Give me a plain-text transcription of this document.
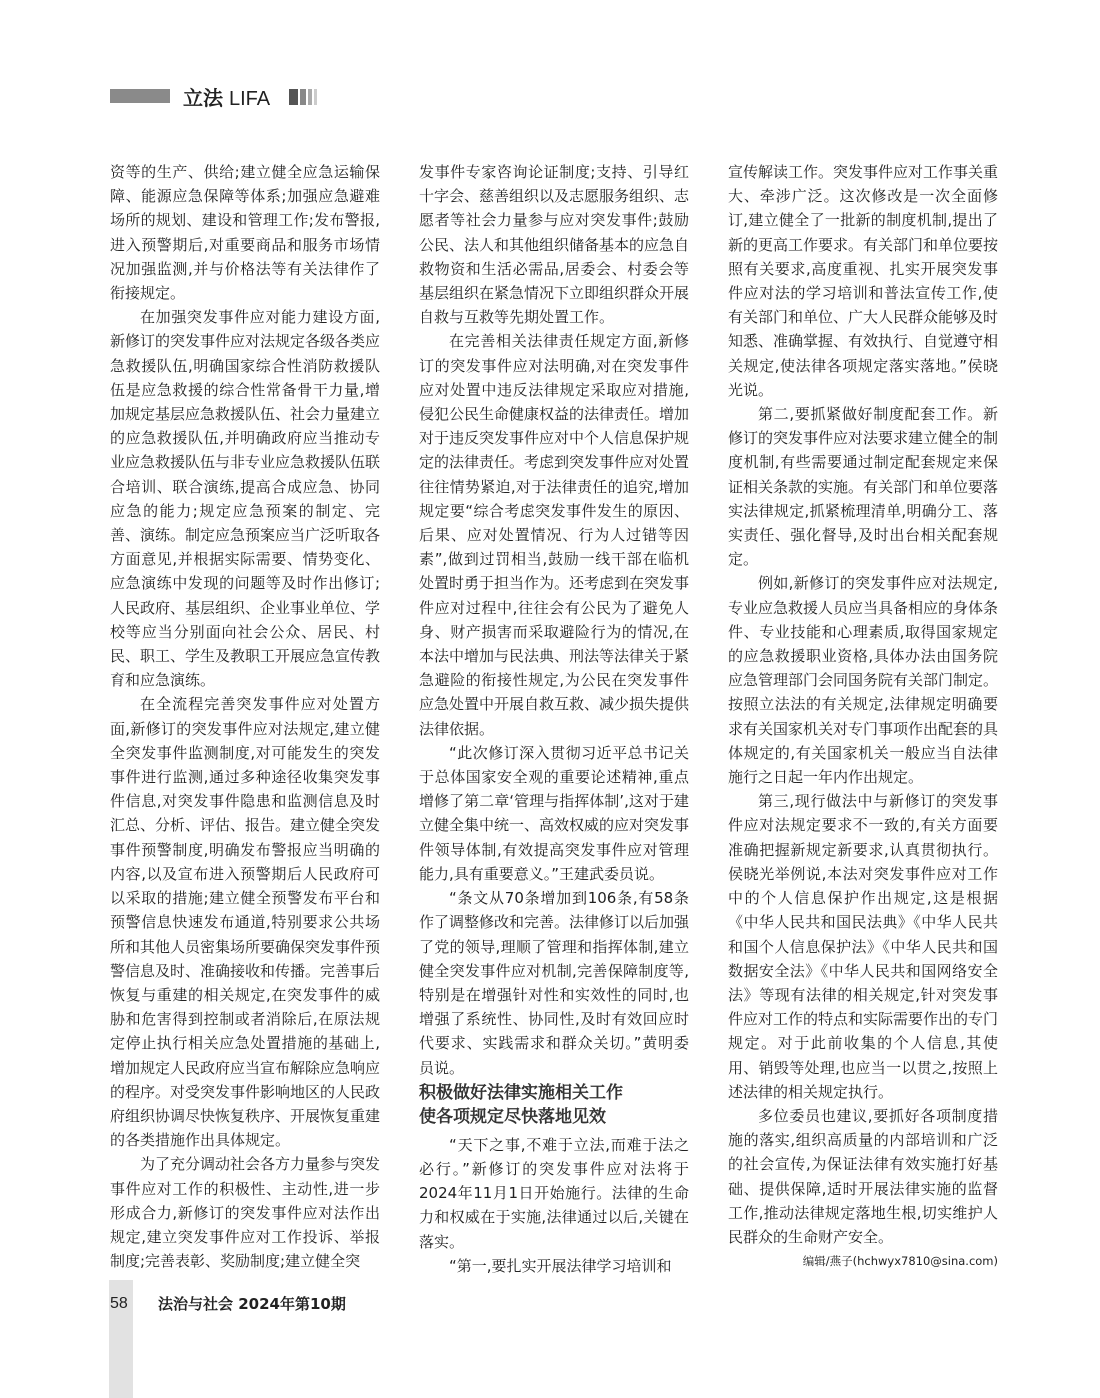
立法 LIFA

资等的生产、供给;建立健全应急运输保障、能源应急保障等体系;加强应急避难场所的规划、建设和管理工作;发布警报,进入预警期后,对重要商品和服务市场情况加强监测,并与价格法等有关法律作了衔接规定。

在加强突发事件应对能力建设方面,新修订的突发事件应对法规定各级各类应急救援队伍,明确国家综合性消防救援队伍是应急救援的综合性常备骨干力量,增加规定基层应急救援队伍、社会力量建立的应急救援队伍,并明确政府应当推动专业应急救援队伍与非专业应急救援队伍联合培训、联合演练,提高合成应急、协同应急的能力;规定应急预案的制定、完善、演练。制定应急预案应当广泛听取各方面意见,并根据实际需要、情势变化、应急演练中发现的问题等及时作出修订;人民政府、基层组织、企业事业单位、学校等应当分别面向社会公众、居民、村民、职工、学生及教职工开展应急宣传教育和应急演练。

在全流程完善突发事件应对处置方面,新修订的突发事件应对法规定,建立健全突发事件监测制度,对可能发生的突发事件进行监测,通过多种途径收集突发事件信息,对突发事件隐患和监测信息及时汇总、分析、评估、报告。建立健全突发事件预警制度,明确发布警报应当明确的内容,以及宣布进入预警期后人民政府可以采取的措施;建立健全预警发布平台和预警信息快速发布通道,特别要求公共场所和其他人员密集场所要确保突发事件预警信息及时、准确接收和传播。完善事后恢复与重建的相关规定,在突发事件的威胁和危害得到控制或者消除后,在原法规定停止执行相关应急处置措施的基础上,增加规定人民政府应当宣布解除应急响应的程序。对受突发事件影响地区的人民政府组织协调尽快恢复秩序、开展恢复重建的各类措施作出具体规定。

为了充分调动社会各方力量参与突发事件应对工作的积极性、主动性,进一步形成合力,新修订的突发事件应对法作出规定,建立突发事件应对工作投诉、举报制度;完善表彰、奖励制度;建立健全突

发事件专家咨询论证制度;支持、引导红十字会、慈善组织以及志愿服务组织、志愿者等社会力量参与应对突发事件;鼓励公民、法人和其他组织储备基本的应急自救物资和生活必需品,居委会、村委会等基层组织在紧急情况下立即组织群众开展自救与互救等先期处置工作。

在完善相关法律责任规定方面,新修订的突发事件应对法明确,对在突发事件应对处置中违反法律规定采取应对措施,侵犯公民生命健康权益的法律责任。增加对于违反突发事件应对中个人信息保护规定的法律责任。考虑到突发事件应对处置往往情势紧迫,对于法律责任的追究,增加规定要“综合考虑突发事件发生的原因、后果、应对处置情况、行为人过错等因素”,做到过罚相当,鼓励一线干部在临机处置时勇于担当作为。还考虑到在突发事件应对过程中,往往会有公民为了避免人身、财产损害而采取避险行为的情况,在本法中增加与民法典、刑法等法律关于紧急避险的衔接性规定,为公民在突发事件应急处置中开展自救互救、减少损失提供法律依据。

“此次修订深入贯彻习近平总书记关于总体国家安全观的重要论述精神,重点增修了第二章‘管理与指挥体制’,这对于建立健全集中统一、高效权威的应对突发事件领导体制,有效提高突发事件应对管理能力,具有重要意义。”王建武委员说。

“条文从70条增加到106条,有58条作了调整修改和完善。法律修订以后加强了党的领导,理顺了管理和指挥体制,建立健全突发事件应对机制,完善保障制度等,特别是在增强针对性和实效性的同时,也增强了系统性、协同性,及时有效回应时代要求、实践需求和群众关切。”黄明委员说。

积极做好法律实施相关工作
使各项规定尽快落地见效

“天下之事,不难于立法,而难于法之必行。”新修订的突发事件应对法将于2024年11月1日开始施行。法律的生命力和权威在于实施,法律通过以后,关键在落实。

“第一,要扎实开展法律学习培训和

宣传解读工作。突发事件应对工作事关重大、牵涉广泛。这次修改是一次全面修订,建立健全了一批新的制度机制,提出了新的更高工作要求。有关部门和单位要按照有关要求,高度重视、扎实开展突发事件应对法的学习培训和普法宣传工作,使有关部门和单位、广大人民群众能够及时知悉、准确掌握、有效执行、自觉遵守相关规定,使法律各项规定落实落地。”侯晓光说。

第二,要抓紧做好制度配套工作。新修订的突发事件应对法要求建立健全的制度机制,有些需要通过制定配套规定来保证相关条款的实施。有关部门和单位要落实法律规定,抓紧梳理清单,明确分工、落实责任、强化督导,及时出台相关配套规定。

例如,新修订的突发事件应对法规定,专业应急救援人员应当具备相应的身体条件、专业技能和心理素质,取得国家规定的应急救援职业资格,具体办法由国务院应急管理部门会同国务院有关部门制定。按照立法法的有关规定,法律规定明确要求有关国家机关对专门事项作出配套的具体规定的,有关国家机关一般应当自法律施行之日起一年内作出规定。

第三,现行做法中与新修订的突发事件应对法规定要求不一致的,有关方面要准确把握新规定新要求,认真贯彻执行。侯晓光举例说,本法对突发事件应对工作中的个人信息保护作出规定,这是根据《中华人民共和国民法典》《中华人民共和国个人信息保护法》《中华人民共和国数据安全法》《中华人民共和国网络安全法》等现有法律的相关规定,针对突发事件应对工作的特点和实际需要作出的专门规定。对于此前收集的个人信息,其使用、销毁等处理,也应当一以贯之,按照上述法律的相关规定执行。

多位委员也建议,要抓好各项制度措施的落实,组织高质量的内部培训和广泛的社会宣传,为保证法律有效实施打好基础、提供保障,适时开展法律实施的监督工作,推动法律规定落地生根,切实维护人民群众的生命财产安全。

编辑/燕子(hchwyx7810@sina.com)
58 法治与社会 2024年第10期
